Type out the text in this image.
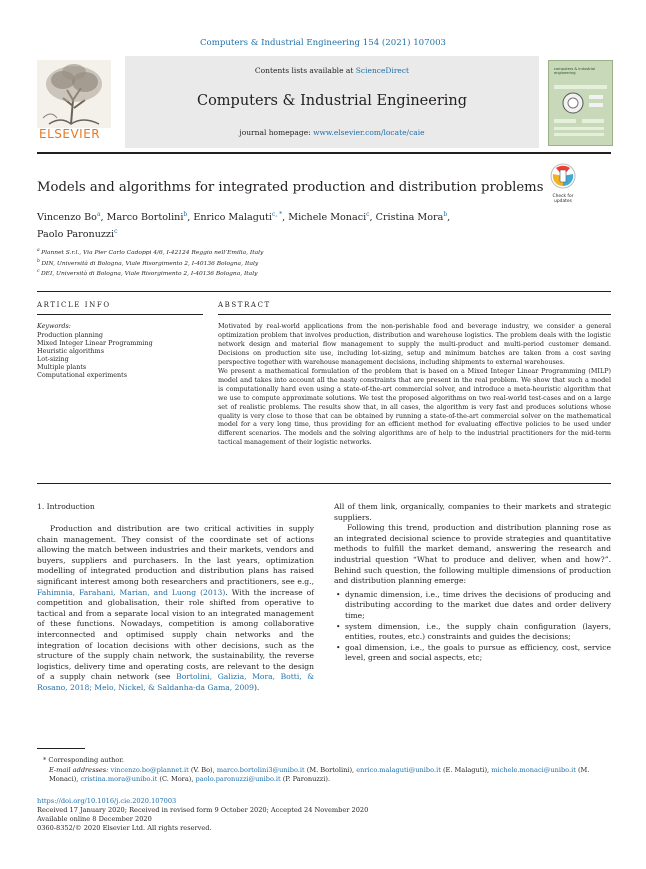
Computers & Industrial Engineering 154 (2021) 107003
ELSEVIER
Contents lists available at ScienceDirect
Computers & Industrial Engineering
journal homepage: www.elsevier.com/locate/caie
computers & industrial engineering
Check for updates
Models and algorithms for integrated production and distribution problems
Vincenzo Bo$^a$, Marco Bortolini$^b$, Enrico Malaguti$^{c, *}$, Michele Monaci$^c$, Cristina Mora$^b$,
Paolo Paronuzzi$^c$
$^a$ Plannet S.r.l., Via Pier Carlo Cadoppi 4/6, I-42124 Reggio nell’Emilia, Italy
$^b$ DIN, Università di Bologna, Viale Risorgimento 2, I-40136 Bologna, Italy
$^c$ DEI, Università di Bologna, Viale Risorgimento 2, I-40136 Bologna, Italy
ARTICLE INFO	ABSTRACT
Keywords:
Production planning
Mixed Integer Linear Programming
Heuristic algorithms
Lot-sizing
Multiple plants
Computational experiments

Motivated by real-world applications from the non-perishable food and beverage industry, we consider a general optimization problem that involves production, distribution and warehouse logistics. The problem deals with the logistic network design and material flow management to supply the multi-product and multi-period customer demand. Decisions on production site use, including lot-sizing, setup and minimum batches are taken from a cost saving perspective together with warehouse management decisions, including shipments to external warehouses.

We present a mathematical formulation of the problem that is based on a Mixed Integer Linear Programming (MILP) model and takes into account all the nasty constraints that are present in the real problem. We show that such a model is computationally hard even using a state-of-the-art commercial solver, and introduce a meta-heuristic algorithm that we use to compute approximate solutions. We test the proposed algorithms on two real-world test-cases and on a large set of realistic problems. The results show that, in all cases, the algorithm is very fast and produces solutions whose quality is very close to those that can be obtained by running a state-of-the-art commercial solver on the mathematical model for a very long time, thus providing for an efficient method for evaluating effective policies to be used under different scenarios. The models and the solving algorithms are of help to the industrial practitioners for the mid-term tactical management of their logistic networks.

1. Introduction

Production and distribution are two critical activities in supply chain management. They consist of the coordinate set of actions allowing the match between industries and their markets, vendors and buyers, suppliers and purchasers. In the last years, optimization modelling of integrated production and distribution plans has raised significant interest among both researchers and practitioners, see e.g., Fahimnia, Farahani, Marian, and Luong (2013). With the increase of competition and globalisation, their role shifted from operative to tactical and from a separate local vision to an integrated management of these functions. Nowadays, competition is among collaborative interconnected and optimised supply chain networks and the integration of location decisions with other decisions, such as the structure of the supply chain network, the sustainability, the reverse logistics, delivery time and operating costs, are relevant to the design of a supply chain network (see Bortolini, Galizia, Mora, Botti, & Rosano, 2018; Melo, Nickel, & Saldanha-da Gama, 2009).

All of them link, organically, companies to their markets and strategic suppliers.

Following this trend, production and distribution planning rose as an integrated decisional science to provide strategies and quantitative methods to fulfill the market demand, answering the research and industrial question “What to produce and deliver, when and how?”. Behind such question, the following multiple dimensions of production and distribution planning emerge:

• dynamic dimension, i.e., time drives the decisions of producing and distributing according to the market due dates and order delivery time;
• system dimension, i.e., the supply chain configuration (layers, entities, routes, etc.) constraints and guides the decisions;
• goal dimension, i.e., the goals to pursue as efficiency, cost, service level, green and social aspects, etc;
* Corresponding author.
E-mail addresses: vincenzo.bo@plannet.it (V. Bo), marco.bortolini3@unibo.it (M. Bortolini), enrico.malaguti@unibo.it (E. Malaguti), michele.monaci@unibo.it (M. Monaci), cristina.mora@unibo.it (C. Mora), paolo.paronuzzi@unibo.it (P. Paronuzzi).
https://doi.org/10.1016/j.cie.2020.107003
Received 17 January 2020; Received in revised form 9 October 2020; Accepted 24 November 2020
Available online 8 December 2020
0360-8352/© 2020 Elsevier Ltd. All rights reserved.
